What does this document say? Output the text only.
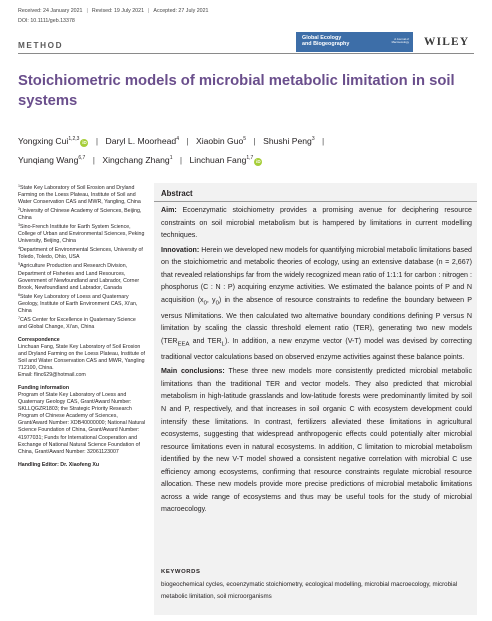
Received: 24 January 2021 | Revised: 19 July 2021 | Accepted: 27 July 2021
DOI: 10.1111/geb.13378
METHOD
Global Ecology
and Biogeography
A Journal of
Macroecology WILEY
Stoichiometric models of microbial metabolic limitation in soil systems
Yongxing Cui$^{1,2,3}$iD | Daryl L. Moorhead$^4$ | Xiaobin Guo$^5$ | Shushi Peng$^3$ |
Yunqiang Wang$^{6,7}$ | Xingchang Zhang$^1$ | Linchuan Fang$^{1,7}$iD
$^1$State Key Laboratory of Soil Erosion and Dryland Farming on the Loess Plateau, Institute of Soil and Water Conservation CAS and MWR, Yangling, China
$^2$University of Chinese Academy of Sciences, Beijing, China
$^3$Sino-French Institute for Earth System Science, College of Urban and Environmental Sciences, Peking University, Beijing, China
$^4$Department of Environmental Sciences, University of Toledo, Toledo, Ohio, USA
$^5$Agriculture Production and Research Division, Department of Fisheries and Land Resources, Government of Newfoundland and Labrador, Corner Brook, Newfoundland and Labrador, Canada
$^6$State Key Laboratory of Loess and Quaternary Geology, Institute of Earth Environment CAS, Xi'an, China
$^7$CAS Center for Excellence in Quaternary Science and Global Change, Xi'an, China
Correspondence
Linchuan Fang, State Key Laboratory of Soil Erosion and Dryland Farming on the Loess Plateau, Institute of Soil and Water Conservation CAS and MWR, Yangling 712100, China.
Email: flinc629@hotmail.com
Funding information
Program of State Key Laboratory of Loess and Quaternary Geology CAS, Grant/Award Number: SKLLQGZR1803; the Strategic Priority Research Program of Chinese Academy of Sciences, Grant/Award Number: XDB40000000; National Natural Science Foundation of China, Grant/Award Number: 41977031; Funds for International Cooperation and Exchange of National Natural Science Foundation of China, Grant/Award Number: 32061123007
Handling Editor: Dr. Xiaofeng Xu
Abstract

Aim: Ecoenzymatic stoichiometry provides a promising avenue for deciphering resource constraints on soil microbial metabolism but is hampered by limitations in current modelling techniques.

Innovation: Herein we developed new models for quantifying microbial metabolic limitations based on the stoichiometric and metabolic theories of ecology, using an extensive database (n = 2,667) that revealed relationships far from the widely recognized mean ratio of 1:1:1 for carbon : nitrogen : phosphorus (C : N : P) acquiring enzyme activities. We estimated the balance points of P and N acquisition ($x_0$, $y_0$) in the absence of resource constraints to redefine the boundary between P versus Nlimitations. We then calculated two alternative boundary conditions defining P versus N limitation by scaling the classic threshold element ratio (TER), generating two new models ($TER_{EEA}$ and $TER_L$). In addition, a new enzyme vector (V-T) model was devised by correcting traditional vector calculations based on observed enzyme activities against these balance points.

Main conclusions: These three new models more consistently predicted microbial metabolic limitations than the traditional TER and vector models. They also predicted that microbial metabolism in high-latitude grasslands and low-latitude forests were predominantly limited by soil N and P, respectively, and that increases in soil organic C with ecosystem development could intensify these limitations. In contrast, fertilizers alleviated these limitations in agricultural ecosystems, suggesting that widespread anthropogenic effects could potentially alter microbial resource limitations even in natural ecosystems. In addition, C limitation to microbial metabolism identified by the new V-T model showed a consistent negative correlation with microbial C use efficiency among ecosystems, confirming that resource constraints regulate microbial resource allocation. These new models provide more precise predictions of microbial metabolic limitations across a wide range of ecosystems and thus may be useful tools for the study of microbial macroecology.

KEYWORDS
biogeochemical cycles, ecoenzymatic stoichiometry, ecological modelling, microbial macroecology, microbial metabolic limitation, soil microorganisms
